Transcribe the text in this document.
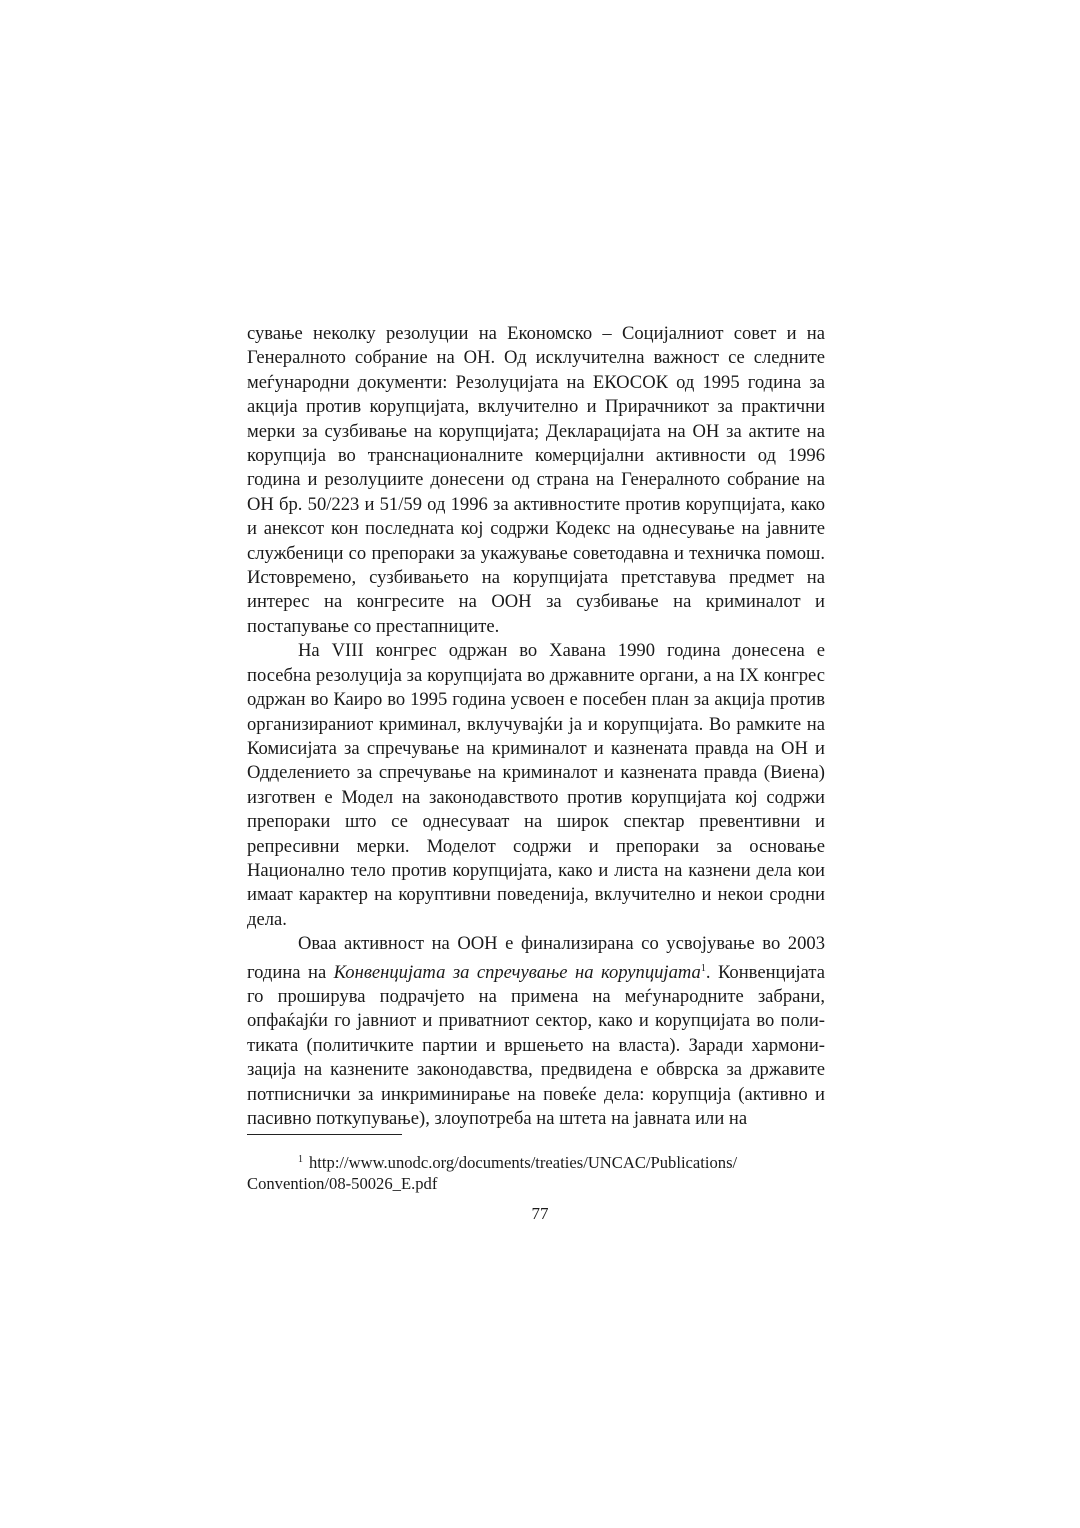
сување неколку резолуции на Економско – Социјалниот совет и на Генералното собрание на ОН. Од исклучителна важност се следните меѓународни документи: Резолуцијата на ЕКОСОК од 1995 година за акција против корупцијата, вклучително и Прирачникот за практични мерки за сузбивање на корупцијата; Декларацијата на ОН за актите на корупција во транснационалните комерцијални активности од 1996 година и резолуциите донесени од страна на Генералното собрание на ОН бр. 50/223 и 51/59 од 1996 за активностите против корупцијата, како и анексот кон последната кој содржи Кодекс на однесување на јавните службеници со препораки за укажување советодавна и техничка помош. Истовремено, сузбивањето на корупцијата претставува предмет на интерес на конгресите на ООН за сузбивање на криминалот и постапување со престапниците.

На VIII конгрес одржан во Хавана 1990 година донесена е посебна резолуција за корупцијата во државните органи, а на IX конгрес одржан во Каиро во 1995 година усвоен е посебен план за акција против организираниот криминал, вклучувајќи ја и корупцијата. Во рамките на Комисијата за спречување на криминалот и казнената правда на ОН и Одделението за спречување на криминалот и казнената правда (Виена) изготвен е Модел на законодавството против корупцијата кој содржи препораки што се однесуваат на широк спектар превентивни и репресивни мерки. Моделот содржи и препораки за основање Национално тело против корупцијата, како и листа на казнени дела кои имаат карактер на коруптивни поведенија, вклучително и некои сродни дела.

Оваа активност на ООН е финализирана со усвојување во 2003 година на Конвенцијата за спречување на корупцијата$^1$. Конвенцијата го проширува подрачјето на примена на меѓународните забрани, опфаќајќи го јавниот и приватниот сектор, како и корупцијата во политиката (политичките партии и вршењето на власта). Заради хармонизација на казнените законодавства, предвидена е обврска за државите потписнички за инкриминирање на повеќе дела: корупција (активно и пасивно поткупување), злоупотреба на штета на јавната или на

$^1$ http://www.unodc.org/documents/treaties/UNCAC/Publications/
Convention/08-50026_E.pdf
77
